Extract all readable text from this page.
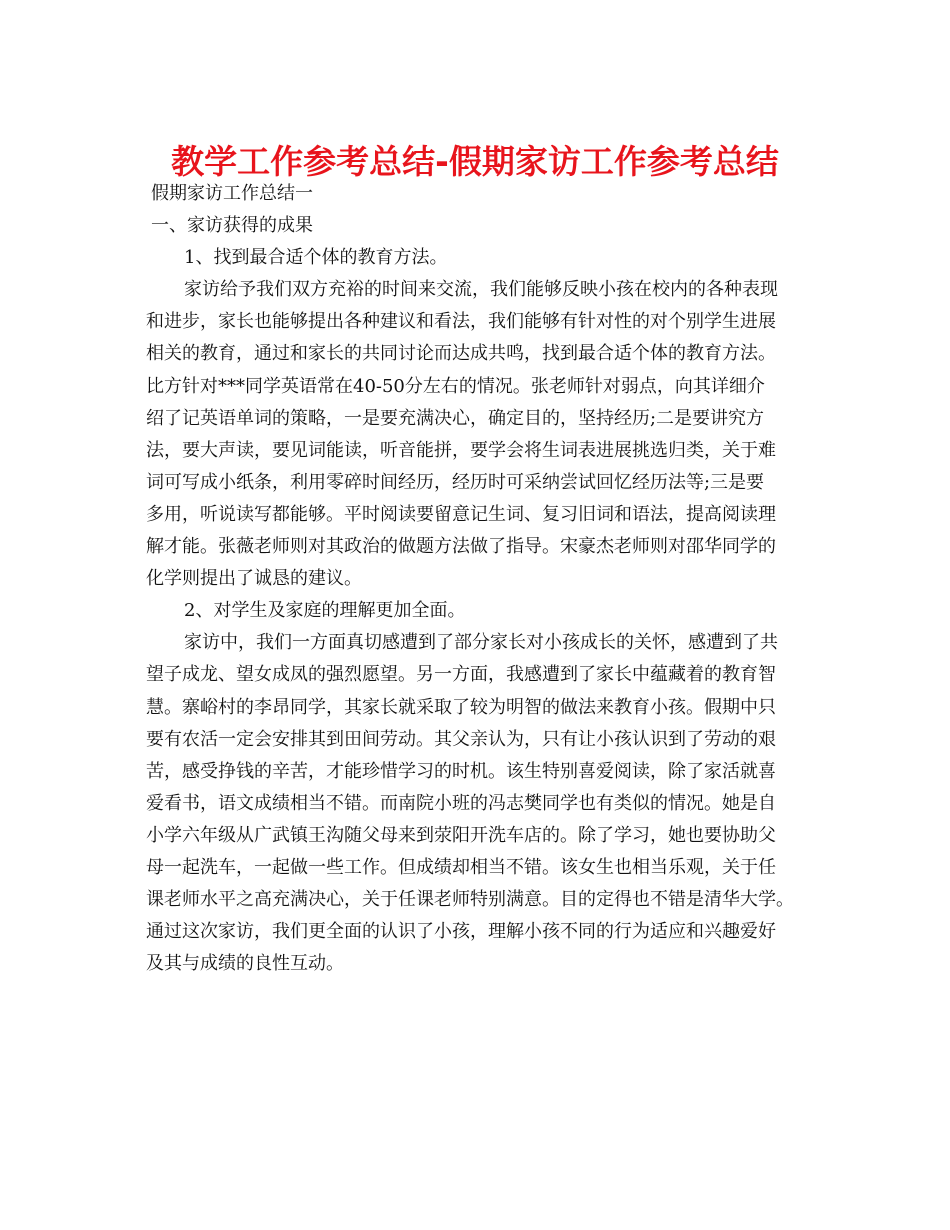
教学工作参考总结-假期家访工作参考总结
假期家访工作总结一
一、家访获得的成果
1、找到最合适个体的教育方法。
家访给予我们双方充裕的时间来交流，我们能够反映小孩在校内的各种表现
和进步，家长也能够提出各种建议和看法，我们能够有针对性的对个别学生进展
相关的教育，通过和家长的共同讨论而达成共鸣，找到最合适个体的教育方法。
比方针对***同学英语常在40-50分左右的情况。张老师针对弱点，向其详细介
绍了记英语单词的策略，一是要充满决心，确定目的，坚持经历;二是要讲究方
法，要大声读，要见词能读，听音能拼，要学会将生词表进展挑选归类，关于难
词可写成小纸条，利用零碎时间经历，经历时可采纳尝试回忆经历法等;三是要
多用，听说读写都能够。平时阅读要留意记生词、复习旧词和语法，提高阅读理
解才能。张薇老师则对其政治的做题方法做了指导。宋豪杰老师则对邵华同学的
化学则提出了诚恳的建议。
2、对学生及家庭的理解更加全面。
家访中，我们一方面真切感遭到了部分家长对小孩成长的关怀，感遭到了共
望子成龙、望女成凤的强烈愿望。另一方面，我感遭到了家长中蕴藏着的教育智
慧。寨峪村的李昂同学，其家长就采取了较为明智的做法来教育小孩。假期中只
要有农活一定会安排其到田间劳动。其父亲认为，只有让小孩认识到了劳动的艰
苦，感受挣钱的辛苦，才能珍惜学习的时机。该生特别喜爱阅读，除了家活就喜
爱看书，语文成绩相当不错。而南院小班的冯志樊同学也有类似的情况。她是自
小学六年级从广武镇王沟随父母来到荥阳开洗车店的。除了学习，她也要协助父
母一起洗车，一起做一些工作。但成绩却相当不错。该女生也相当乐观，关于任
课老师水平之高充满决心，关于任课老师特别满意。目的定得也不错是清华大学。
通过这次家访，我们更全面的认识了小孩，理解小孩不同的行为适应和兴趣爱好
及其与成绩的良性互动。
